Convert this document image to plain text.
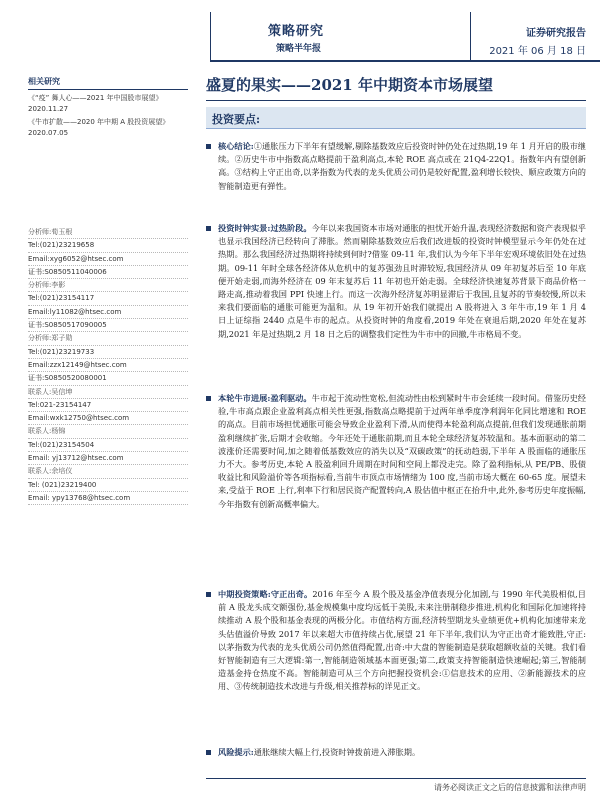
策略研究
策略半年报
证券研究报告
2021 年 06 月 18 日
相关研究
《“疫” 舞人心——2021 年中国股市展望》2020.11.27
《牛市扩散——2020 年中期 A 股投资展望》2020.07.05
分析师:荀玉根
Tel:(021)23219658
Email:xyg6052@htsec.com
证书:S0850511040006
分析师:李影
Tel:(021)23154117
Email:ly11082@htsec.com
证书:S0850517090005
分析师:郑子勋
Tel:(021)23219733
Email:zzx12149@htsec.com
证书:S0850520080001
联系人:吴信坤
Tel:021-23154147
Email:wxk12750@htsec.com
联系人:杨锦
Tel:(021)23154504
Email: yj13712@htsec.com
联系人:余培仪
Tel: (021)23219400
Email: ypy13768@htsec.com
盛夏的果实——2021 年中期资本市场展望
投资要点:
核心结论:①通胀压力下半年有望缓解,剔除基数效应后投资时钟仍处在过热期,19 年 1 月开启的股市继续。②历史牛市中指数高点略提前于盈利高点,本轮 ROE 高点或在 21Q4-22Q1。指数年内有望创新高。③结构上守正出奇,以茅指数为代表的龙头优质公司仍是较好配置,盈利增长较快、顺应政策方向的智能制造更有弹性。
投资时钟实景:过热阶段。今年以来我国资本市场对通胀的担忧开始升温,表现经济数据和资产表现似乎也显示我国经济已经转向了滞胀。然而剔除基数效应后我们改进版的投资时钟模型显示今年仍处在过热期。那么我国经济过热期将持续到何时?借鉴 09-11 年,我们认为今年下半年宏观环境依旧处在过热期。09-11 年时全球各经济体从危机中的复苏强劲且时滞较短,我国经济从 09 年初复苏后至 10 年底便开始走弱,而海外经济在 09 年末复苏后 11 年初也开始走弱。全球经济快速复苏背景下商品价格一路走高,推动着我国 PPI 快速上行。而这一次海外经济复苏明显滞后于我国,且复苏的节奏较慢,所以未来我们要面临的通胀可能更为温和。从 19 年初开始我们就提出 A 股将进入 3 年牛市,19 年 1 月 4 日上证综指 2440 点是牛市的起点。从投资时钟的角度看,2019 年处在衰退后期,2020 年处在复苏期,2021 年是过热期,2 月 18 日之后的调整我们定性为牛市中的回撤,牛市格局不变。
本轮牛市进展:盈利驱动。牛市起于流动性宽松,但流动性由松到紧时牛市会延续一段时间。借鉴历史经验,牛市高点跟企业盈利高点相关性更强,指数高点略提前于过两年单季度净利润年化同比增速和 ROE 的高点。目前市场担忧通胀可能会导致企业盈利下滑,从而使得本轮盈利高点提前,但我们发现通胀前期盈利继续扩张,后期才会收缩。今年还处于通胀前期,而且本轮全球经济复苏较温和。基本面驱动的第二波涨价还需要时间,加之随着低基数效应的消失以及“双碳政策”的抚动趋弱,下半年 A 股面临的通胀压力不大。参考历史,本轮 A 股盈利回升周期在时间和空间上都没走完。除了盈利指标,从 PE/PB、股债收益比和风险溢价等各项指标看,当前牛市顶点市场情绪为 100 度,当前市场大概在 60-65 度。展望未来,受益于 ROE 上行,利率下行和居民资产配置转向,A 股估值中枢正在抬升中,此外,参考历史年度振幅,今年指数有创新高概率偏大。
中期投资策略:守正出奇。2016 年至今 A 股个股及基金净值表现分化加剧,与 1990 年代美股相似,目前 A 股龙头成交额强份,基金规模集中度均远低于美股,未来注册制稳步推进,机构化和国际化加速将持续推动 A 股个股和基金表现的两极分化。市值结构方面,经济转型期龙头业绩更优+机构化加速带来龙头估值溢价导致 2017 年以来超大市值持续占优,展望 21 年下半年,我们认为守正出奇才能致胜,守正:以茅指数为代表的龙头优质公司仍然值得配置,出奇:中大盘的智能制造是获取超额收益的关键。我们看好智能制造有三大逻辑:第一,智能制造领域基本面更强;第二,政策支持智能制造快速崛起;第三,智能制造基金持仓热度不高。智能制造可从三个方向把握投资机会:①信息技术的应用、②新能源技术的应用、③传统制造技术改进与升级,相关推荐标的详见正文。
风险提示:通胀继续大幅上行,投资时钟拨前进入滞胀期。
请务必阅读正文之后的信息披露和法律声明
